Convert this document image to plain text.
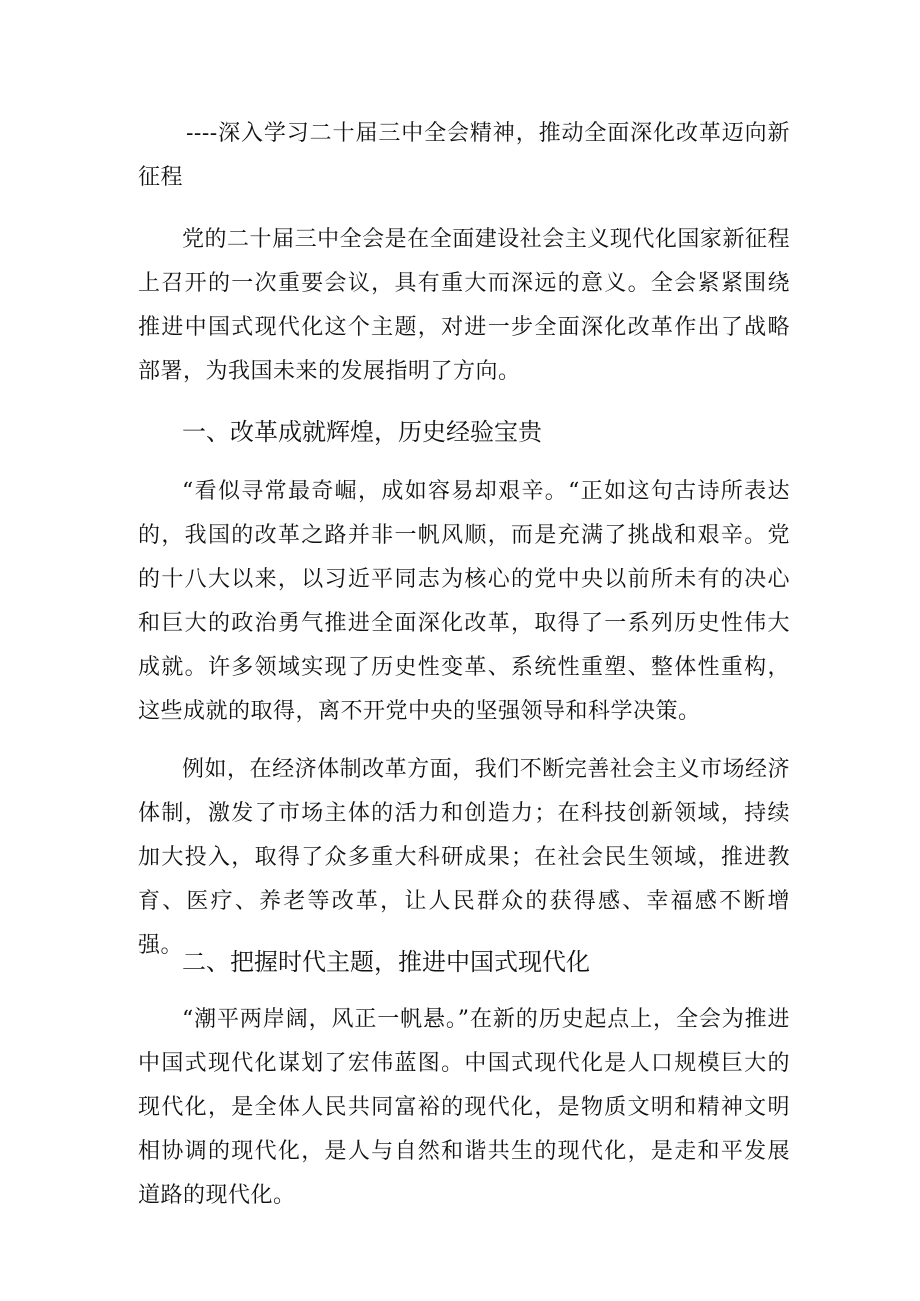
----深入学习二十届三中全会精神，推动全面深化改革迈向新征程

党的二十届三中全会是在全面建设社会主义现代化国家新征程上召开的一次重要会议，具有重大而深远的意义。全会紧紧围绕推进中国式现代化这个主题，对进一步全面深化改革作出了战略部署，为我国未来的发展指明了方向。

一、改革成就辉煌，历史经验宝贵

“看似寻常最奇崛，成如容易却艰辛。“正如这句古诗所表达的，我国的改革之路并非一帆风顺，而是充满了挑战和艰辛。党的十八大以来，以习近平同志为核心的党中央以前所未有的决心和巨大的政治勇气推进全面深化改革，取得了一系列历史性伟大成就。许多领域实现了历史性变革、系统性重塑、整体性重构，这些成就的取得，离不开党中央的坚强领导和科学决策。

例如，在经济体制改革方面，我们不断完善社会主义市场经济体制，激发了市场主体的活力和创造力；在科技创新领域，持续加大投入，取得了众多重大科研成果；在社会民生领域，推进教育、医疗、养老等改革，让人民群众的获得感、幸福感不断增强。

二、把握时代主题，推进中国式现代化

“潮平两岸阔，风正一帆悬。”在新的历史起点上，全会为推进中国式现代化谋划了宏伟蓝图。中国式现代化是人口规模巨大的现代化，是全体人民共同富裕的现代化，是物质文明和精神文明相协调的现代化，是人与自然和谐共生的现代化，是走和平发展道路的现代化。
